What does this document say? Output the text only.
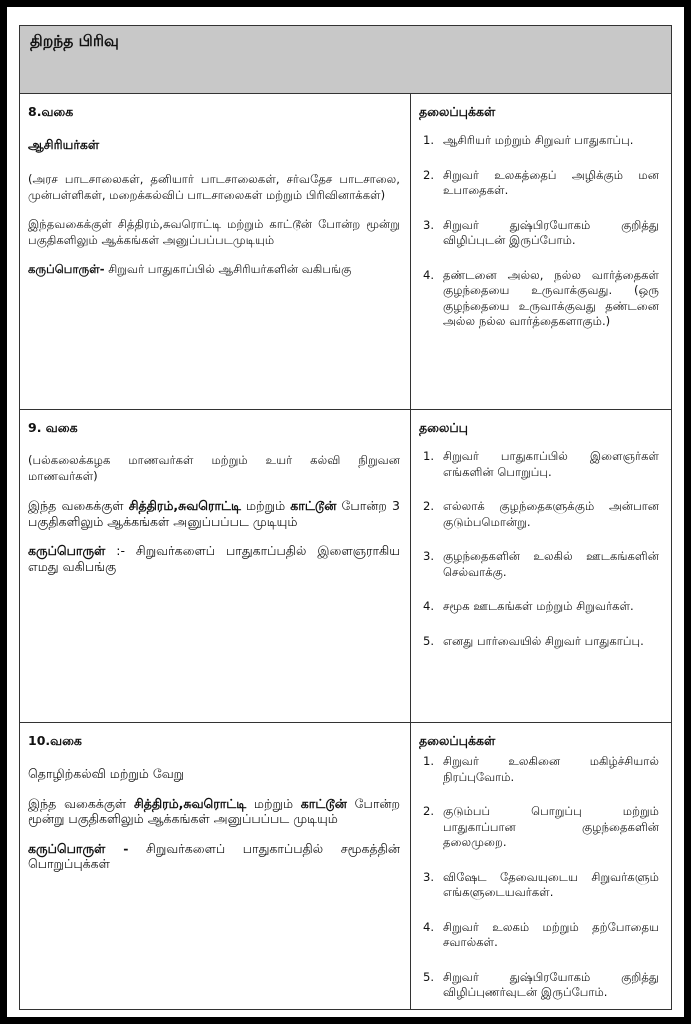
திறந்த பிரிவு
8.வகை
ஆசிரியர்கள்

(அரச பாடசாலைகள், தனியார் பாடசாலைகள், சர்வதேச பாடசாலை, முன்பள்ளிகள், மறைக்கல்விப் பாடசாலைகள் மற்றும் பிரிவினாக்கள்)

இந்தவகைக்குள் சித்திரம்,சுவரொட்டி மற்றும் காட்டூன் போன்ற மூன்று பகுதிகளிலும் ஆக்கங்கள் அனுப்பப்படமுடியும்

கருப்பொருள்- சிறுவர் பாதுகாப்பில் ஆசிரியர்களின் வகிபங்கு

தலைப்புக்கள்
1. ஆசிரியர் மற்றும் சிறுவர் பாதுகாப்பு.
2. சிறுவர் உலகத்தைப் அழிக்கும் மன உபாதைகள்.
3. சிறுவர் துஷ்பிரயோகம் குறித்து விழிப்புடன் இருப்போம்.
4. தண்டனை அல்ல, நல்ல வார்த்தைகள் குழந்தையை உருவாக்குவது. (ஒரு குழந்தையை உருவாக்குவது தண்டனை அல்ல நல்ல வார்த்தைகளாகும்.)
9. வகை

(பல்கலைக்கழக மாணவர்கள் மற்றும் உயர் கல்வி நிறுவன மாணவர்கள்)

இந்த வகைக்குள் சித்திரம்,சுவரொட்டி மற்றும் காட்டூன் போன்ற 3 பகுதிகளிலும் ஆக்கங்கள் அனுப்பப்பட முடியும்

கருப்பொருள் :- சிறுவர்களைப் பாதுகாப்பதில் இளைஞராகிய எமது வகிபங்கு

தலைப்பு
1. சிறுவர் பாதுகாப்பில் இளைஞர்கள் எங்களின் பொறுப்பு.
2. எல்லாக் குழந்தைகளுக்கும் அன்பான குடும்பமொன்று.
3. குழந்தைகளின் உலகில் ஊடகங்களின் செல்வாக்கு.
4. சமூக ஊடகங்கள் மற்றும் சிறுவர்கள்.
5. எனது பார்வையில் சிறுவர் பாதுகாப்பு.
10.வகை

தொழிற்கல்வி மற்றும் வேறு

இந்த வகைக்குள் சித்திரம்,சுவரொட்டி மற்றும் காட்டூன் போன்ற மூன்று பகுதிகளிலும் ஆக்கங்கள் அனுப்பப்பட முடியும்

கருப்பொருள் - சிறுவர்களைப் பாதுகாப்பதில் சமூகத்தின் பொறுப்புக்கள்

தலைப்புக்கள்
1. சிறுவர் உலகினை மகிழ்ச்சியால் நிரப்புவோம்.
2. குடும்பப் பொறுப்பு மற்றும் பாதுகாப்பான குழந்தைகளின் தலைமுறை.
3. விஷேட தேவையுடைய சிறுவர்களும் எங்களுடையவர்கள்.
4. சிறுவர் உலகம் மற்றும் தற்போதைய சவால்கள்.
5. சிறுவர் துஷ்பிரயோகம் குறித்து விழிப்புணர்வுடன் இருப்போம்.
